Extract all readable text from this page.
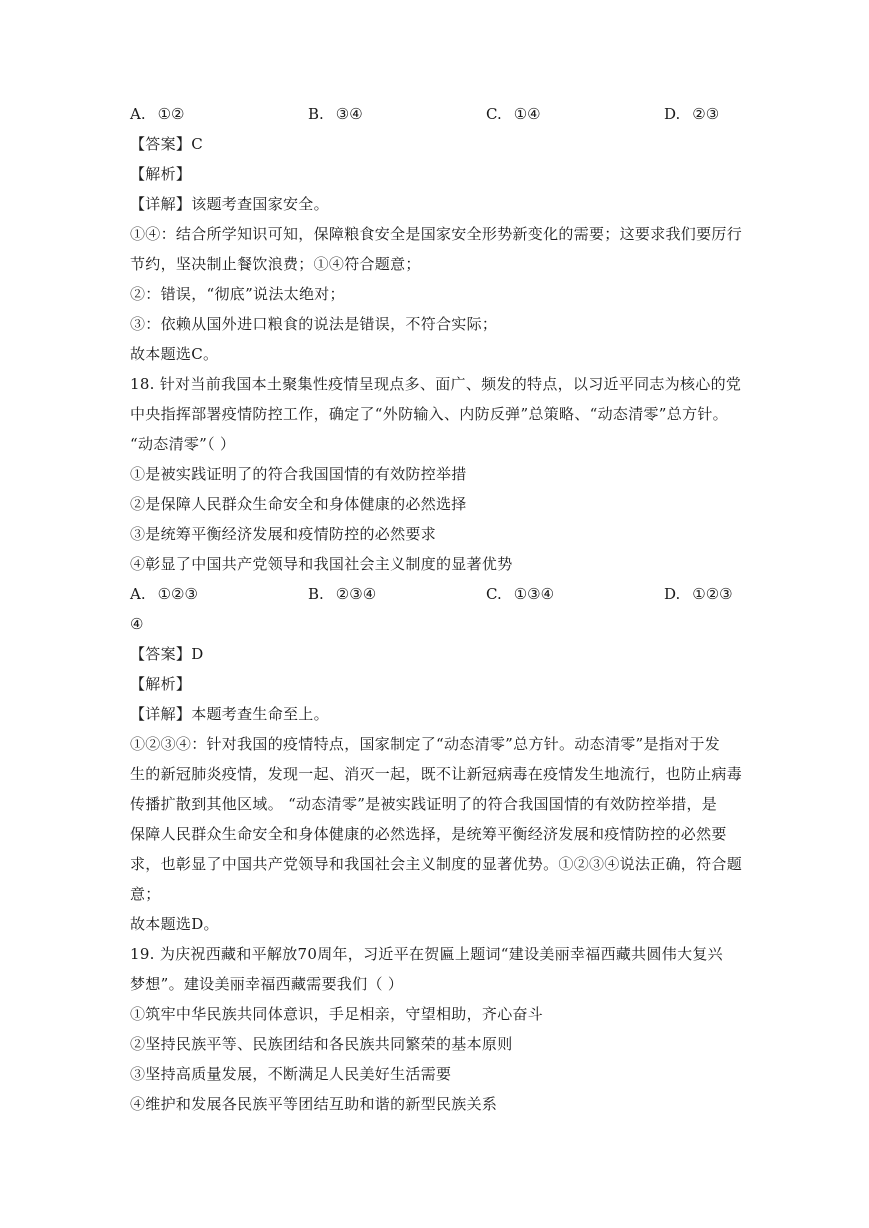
A. ①②	B. ③④	C. ①④	D. ②③
【答案】C
【解析】
【详解】该题考查国家安全。
①④：结合所学知识可知，保障粮食安全是国家安全形势新变化的需要；这要求我们要厉行
节约，坚决制止餐饮浪费；①④符合题意；
②：错误，“彻底”说法太绝对；
③：依赖从国外进口粮食的说法是错误，不符合实际；
故本题选C。
18. 针对当前我国本土聚集性疫情呈现点多、面广、频发的特点，以习近平同志为核心的党
中央指挥部署疫情防控工作，确定了“外防输入、内防反弹”总策略、“动态清零”总方针。
“动态清零”（ ）
①是被实践证明了的符合我国国情的有效防控举措
②是保障人民群众生命安全和身体健康的必然选择
③是统筹平衡经济发展和疫情防控的必然要求
④彰显了中国共产党领导和我国社会主义制度的显著优势
A. ①②③	B. ②③④	C. ①③④	D. ①②③
④
【答案】D
【解析】
【详解】本题考查生命至上。
①②③④：针对我国的疫情特点，国家制定了“动态清零”总方针。动态清零”是指对于发
生的新冠肺炎疫情，发现一起、消灭一起，既不让新冠病毒在疫情发生地流行，也防止病毒
传播扩散到其他区域。 “动态清零”是被实践证明了的符合我国国情的有效防控举措，是
保障人民群众生命安全和身体健康的必然选择，是统筹平衡经济发展和疫情防控的必然要
求，也彰显了中国共产党领导和我国社会主义制度的显著优势。①②③④说法正确，符合题
意；
故本题选D。
19. 为庆祝西藏和平解放70周年，习近平在贺匾上题词“建设美丽幸福西藏共圆伟大复兴
梦想”。建设美丽幸福西藏需要我们（ ）
①筑牢中华民族共同体意识，手足相亲，守望相助，齐心奋斗
②坚持民族平等、民族团结和各民族共同繁荣的基本原则
③坚持高质量发展，不断满足人民美好生活需要
④维护和发展各民族平等团结互助和谐的新型民族关系
